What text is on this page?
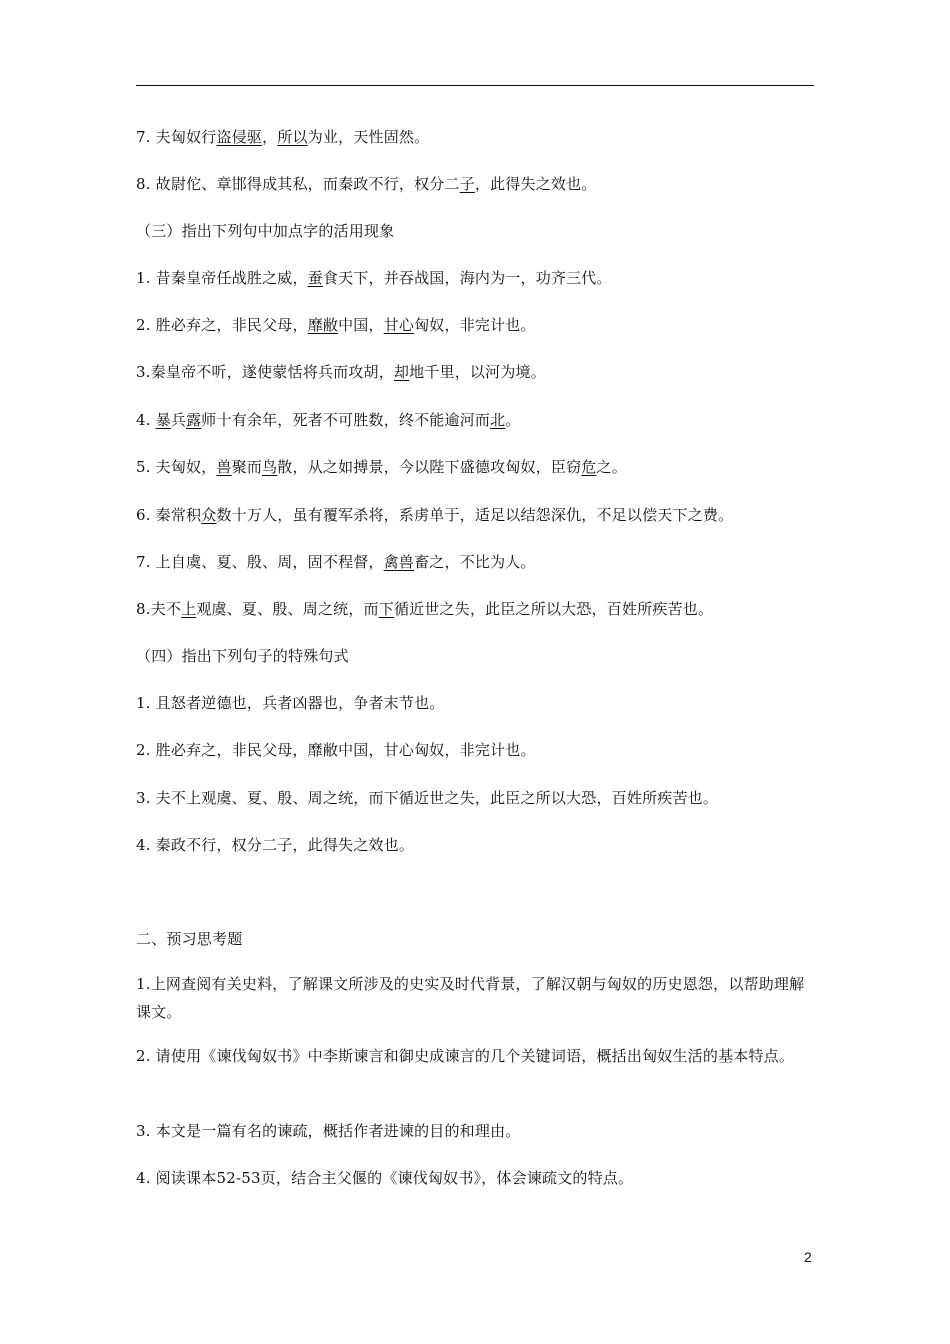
7. 夫匈奴行盗侵驱，所以为业，天性固然。
8. 故尉佗、章邯得成其私，而秦政不行，权分二子，此得失之效也。
（三）指出下列句中加点字的活用现象
1. 昔秦皇帝任战胜之威，蚕食天下，并吞战国，海内为一，功齐三代。
2. 胜必弃之，非民父母，靡敝中国，甘心匈奴，非完计也。
3.秦皇帝不听，遂使蒙恬将兵而攻胡，却地千里，以河为境。
4. 暴兵露师十有余年，死者不可胜数，终不能逾河而北。
5. 夫匈奴，兽聚而鸟散，从之如搏景，今以陛下盛德攻匈奴，臣窃危之。
6. 秦常积众数十万人，虽有覆军杀将，系虏单于，适足以结怨深仇，不足以偿天下之费。
7. 上自虞、夏、殷、周，固不程督，禽兽畜之，不比为人。
8.夫不上观虞、夏、殷、周之统，而下循近世之失，此臣之所以大恐，百姓所疾苦也。
（四）指出下列句子的特殊句式
1. 且怒者逆德也，兵者凶器也，争者末节也。
2. 胜必弃之，非民父母，靡敝中国，甘心匈奴，非完计也。
3. 夫不上观虞、夏、殷、周之统，而下循近世之失，此臣之所以大恐，百姓所疾苦也。
4. 秦政不行，权分二子，此得失之效也。
二、预习思考题
1.上网查阅有关史料，了解课文所涉及的史实及时代背景，了解汉朝与匈奴的历史恩怨，以帮助理解课文。
2. 请使用《谏伐匈奴书》中李斯谏言和御史成谏言的几个关键词语，概括出匈奴生活的基本特点。
3. 本文是一篇有名的谏疏，概括作者进谏的目的和理由。
4. 阅读课本52-53页，结合主父偃的《谏伐匈奴书》，体会谏疏文的特点。
2
